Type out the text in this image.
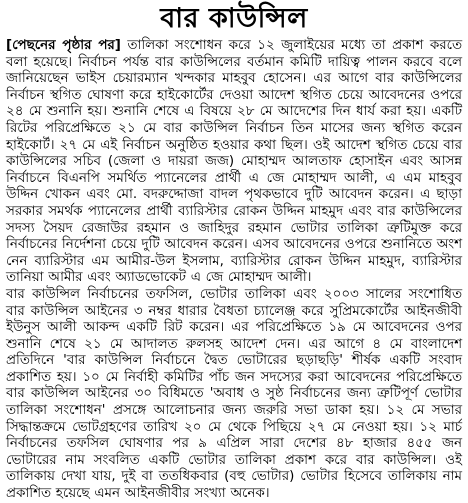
বার কাউন্সিল

[পেছনের পৃষ্ঠার পর] তালিকা সংশোধন করে ১২ জুলাইয়ের মধ্যে তা প্রকাশ করতে বলা হয়েছে। নির্বাচন পর্যন্ত বার কাউন্সিলের বর্তমান কমিটি দায়িত্ব পালন করবে বলে জানিয়েছেন ভাইস চেয়ারম্যান খন্দকার মাহবুব হোসেন। এর আগে বার কাউন্সিলের নির্বাচন স্থগিত ঘোষণা করে হাইকোর্টের দেওয়া আদেশ স্থগিত চেয়ে আবেদনের ওপরে ২৪ মে শুনানি হয়। শুনানি শেষে এ বিষয়ে ২৮ মে আদেশের দিন ধার্য করা হয়। একটি রিটের পরিপ্রেক্ষিতে ২১ মে বার কাউন্সিল নির্বাচন তিন মাসের জন্য স্থগিত করেন হাইকোর্ট। ২৭ মে এই নির্বাচন অনুষ্ঠিত হওয়ার কথা ছিল। ওই আদেশ স্থগিত চেয়ে বার কাউন্সিলের সচিব (জেলা ও দায়রা জজ) মোহাম্মদ আলতাফ হোসাইন এবং আসন্ন নির্বাচনে বিএনপি সমর্থিত প্যানেলের প্রার্থী এ জে মোহাম্মদ আলী, এ এম মাহবুব উদ্দিন খোকন এবং মো. বদরুদ্দোজা বাদল পৃথকভাবে দুটি আবেদন করেন। এ ছাড়া সরকার সমর্থক প্যানেলের প্রার্থী ব্যারিস্টার রোকন উদ্দিন মাহমুদ এবং বার কাউন্সিলের সদস্য সৈয়দ রেজাউর রহমান ও জাহিদুর রহমান ভোটার তালিকা ত্রুটিমুক্ত করে নির্বাচনের নির্দেশনা চেয়ে দুটি আবেদন করেন। এসব আবেদনের ওপরে শুনানিতে অংশ নেন ব্যারিস্টার এম আমীর-উল ইসলাম, ব্যারিস্টার রোকন উদ্দিন মাহমুদ, ব্যারিস্টার তানিয়া আমীর এবং অ্যাডভোকেট এ জে মোহাম্মদ আলী।

বার কাউন্সিল নির্বাচনের তফসিল, ভোটার তালিকা এবং ২০০৩ সালের সংশোধিত বার কাউন্সিল আইনের ৩ নম্বর ধারার বৈধতা চ্যালেঞ্জ করে সুপ্রিমকোর্টের আইনজীবী ইউনুস আলী আকন্দ একটি রিট করেন। এর পরিপ্রেক্ষিতে ১৯ মে আবেদনের ওপর শুনানি শেষে ২১ মে আদালত রুলসহ আদেশ দেন। এর আগে ৪ মে বাংলাদেশ প্রতিদিনে 'বার কাউন্সিল নির্বাচনে দ্বৈত ভোটারের ছড়াছড়ি' শীর্ষক একটি সংবাদ প্রকাশিত হয়। ১০ মে নির্বাহী কমিটির পাঁচ জন সদস্যের করা আবেদনের পরিপ্রেক্ষিতে বার কাউন্সিল আইনের ৩০ বিধিমতে 'অবাধ ও সুষ্ঠ নির্বাচনের জন্য ত্রুটিপূর্ণ ভোটার তালিকা সংশোধন' প্রসঙ্গে আলোচনার জন্য জরুরি সভা ডাকা হয়। ১২ মে সভার সিদ্ধান্তক্রমে ভোটগ্রহণের তারিখ ২০ মে থেকে পিছিয়ে ২৭ মে নেওয়া হয়। ১২ মার্চ নির্বাচনের তফসিল ঘোষণার পর ৯ এপ্রিল সারা দেশের ৪৮ হাজার ৪৫৫ জন ভোটারের নাম সংবলিত একটি ভোটার তালিকা প্রকাশ করে বার কাউন্সিল। ওই তালিকায় দেখা যায়, দুই বা ততধিকবার (বহু ভোটার) ভোটার হিসেবে তালিকায় নাম প্রকাশিত হয়েছে এমন আইনজীবীর সংখ্যা অনেক।
